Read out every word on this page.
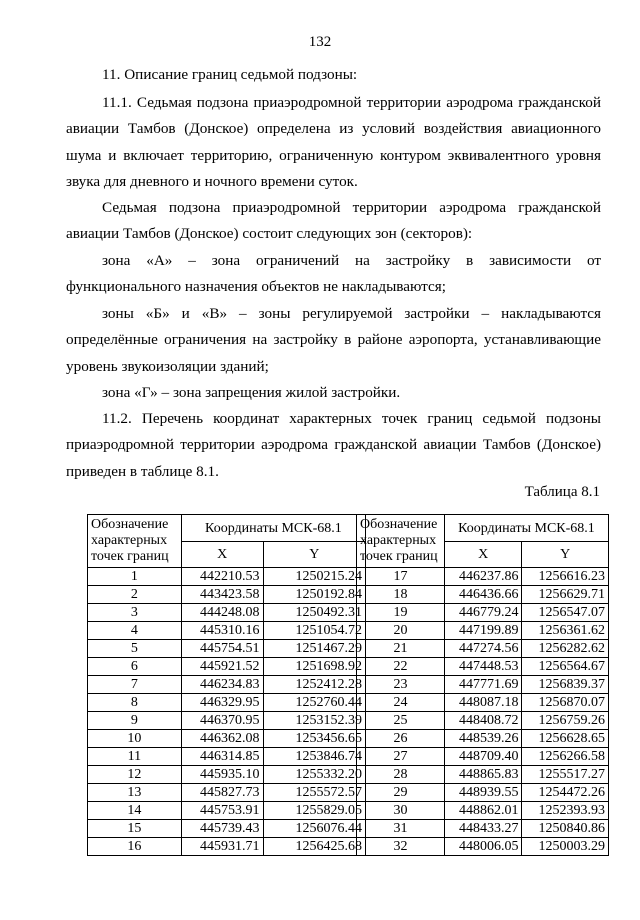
132
11. Описание границ седьмой подзоны:
11.1. Седьмая подзона приаэродромной территории аэродрома гражданской авиации Тамбов (Донское) определена из условий воздействия авиационного шума и включает территорию, ограниченную контуром эквивалентного уровня звука для дневного и ночного времени суток.
Седьмая подзона приаэродромной территории аэродрома гражданской авиации Тамбов (Донское) состоит следующих зон (секторов):
зона «А» – зона ограничений на застройку в зависимости от функционального назначения объектов не накладываются;
зоны «Б» и «В» – зоны регулируемой застройки – накладываются определённые ограничения на застройку в районе аэропорта, устанавливающие уровень звукоизоляции зданий;
зона «Г» – зона запрещения жилой застройки.
11.2. Перечень координат характерных точек границ седьмой подзоны приаэродромной территории аэродрома гражданской авиации Тамбов (Донское) приведен в таблице 8.1.
Таблица 8.1
Обозначение характерных точек границ	Координаты МСК-68.1	
	X	Y
1	442210.53	1250215.24
2	443423.58	1250192.84
3	444248.08	1250492.31
4	445310.16	1251054.72
5	445754.51	1251467.29
6	445921.52	1251698.92
7	446234.83	1252412.28
8	446329.95	1252760.44
9	446370.95	1253152.39
10	446362.08	1253456.65
11	446314.85	1253846.74
12	445935.10	1255332.20
13	445827.73	1255572.57
14	445753.91	1255829.05
15	445739.43	1256076.44
16	445931.71	1256425.68
Обозначение характерных точек границ	Координаты МСК-68.1	
	X	Y
17	446237.86	1256616.23
18	446436.66	1256629.71
19	446779.24	1256547.07
20	447199.89	1256361.62
21	447274.56	1256282.62
22	447448.53	1256564.67
23	447771.69	1256839.37
24	448087.18	1256870.07
25	448408.72	1256759.26
26	448539.26	1256628.65
27	448709.40	1256266.58
28	448865.83	1255517.27
29	448939.55	1254472.26
30	448862.01	1252393.93
31	448433.27	1250840.86
32	448006.05	1250003.29
